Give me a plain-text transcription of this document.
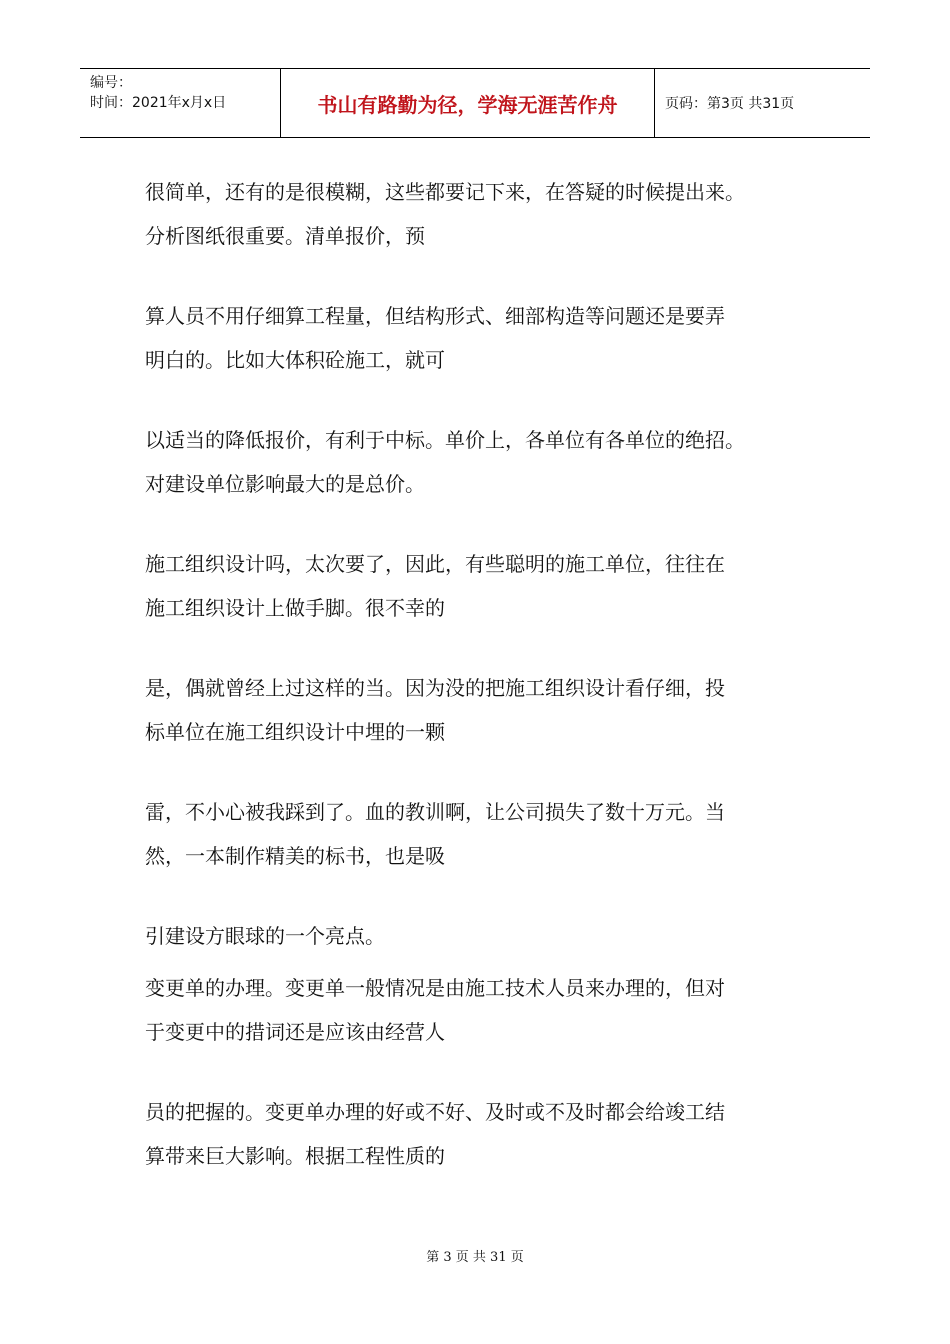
编号：
时间：2021年x月x日	书山有路勤为径，学海无涯苦作舟	页码：第3页 共31页
很简单，还有的是很模糊，这些都要记下来，在答疑的时候提出来。
分析图纸很重要。清单报价，预
算人员不用仔细算工程量，但结构形式、细部构造等问题还是要弄
明白的。比如大体积砼施工，就可
以适当的降低报价，有利于中标。单价上，各单位有各单位的绝招。
对建设单位影响最大的是总价。
施工组织设计吗，太次要了，因此，有些聪明的施工单位，往往在
施工组织设计上做手脚。很不幸的
是，偶就曾经上过这样的当。因为没的把施工组织设计看仔细，投
标单位在施工组织设计中埋的一颗
雷，不小心被我踩到了。血的教训啊，让公司损失了数十万元。当
然，一本制作精美的标书，也是吸
引建设方眼球的一个亮点。
变更单的办理。变更单一般情况是由施工技术人员来办理的，但对
于变更中的措词还是应该由经营人
员的把握的。变更单办理的好或不好、及时或不及时都会给竣工结
算带来巨大影响。根据工程性质的
第 3 页 共 31 页
